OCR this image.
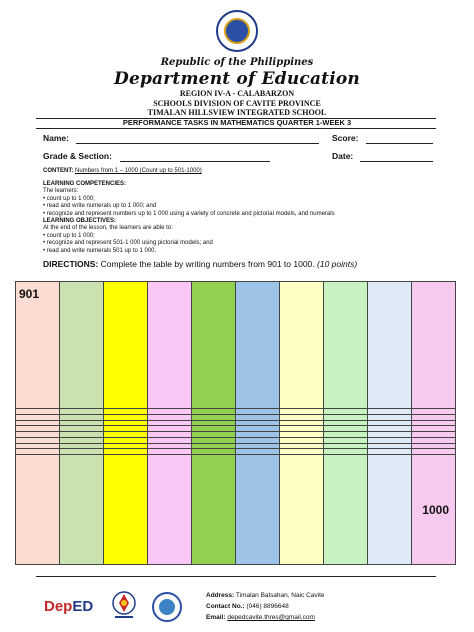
Republic of the Philippines
Department of Education
REGION IV-A - CALABARZON
SCHOOLS DIVISION OF CAVITE PROVINCE
TIMALAN HILLSVIEW INTEGRATED SCHOOL
PERFORMANCE TASKS IN MATHEMATICS QUARTER 1-WEEK 3
Name:	Score:
Grade & Section:	Date:
CONTENT: Numbers from 1 – 1000 (Count up to 501-1000)
LEARNING COMPETENCIES:
The learners:
• count up to 1 000;
• read and write numerals up to 1 000; and
• recognize and represent numbers up to 1 000 using a variety of concrete and pictorial models, and numerals
LEARNING OBJECTIVES:
At the end of the lesson, the learners are able to:
• count up to 1 000;
• recognize and represent 501-1 000 using pictorial models; and
• read and write numerals 501 up to 1 000.
DIRECTIONS: Complete the table by writing numbers from 901 to 1000. (10 points)
901									

									1000
DepED
Address: Timalan Balsahan, Naic Cavite
Contact No.: (046) 8896648
Email: depedcavite.thres@gmail.com
